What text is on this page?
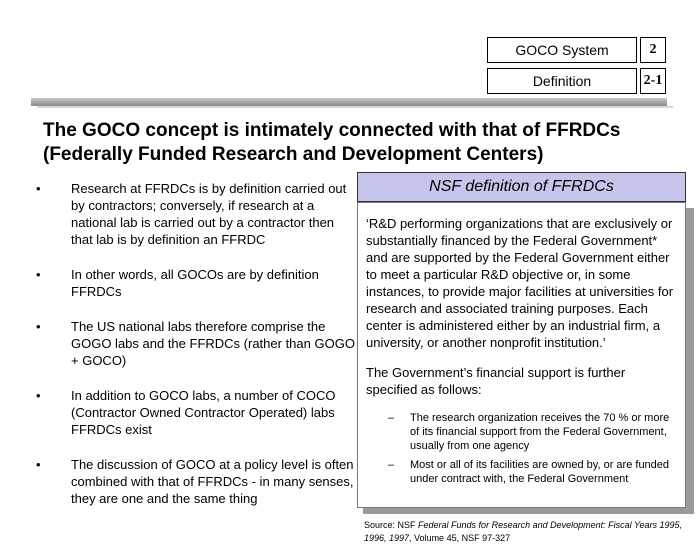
GOCO System	2
Definition	2-1
The GOCO concept is intimately connected with that of FFRDCs (Federally Funded Research and Development Centers)
• Research at FFRDCs is by definition carried out by contractors; conversely, if research at a national lab is carried out by a contractor then that lab is by definition an FFRDC
• In other words, all GOCOs are by definition FFRDCs
• The US national labs therefore comprise the GOGO labs and the FFRDCs (rather than GOGO + GOCO)
• In addition to GOCO labs, a number of COCO (Contractor Owned Contractor Operated) labs FFRDCs exist
• The discussion of GOCO at a policy level is often combined with that of FFRDCs - in many senses, they are one and the same thing
NSF definition of FFRDCs

‘R&D performing organizations that are exclusively or substantially financed by the Federal Government* and are supported by the Federal Government either to meet a particular R&D objective or, in some instances, to provide major facilities at universities for research and associated training purposes. Each center is administered either by an industrial firm, a university, or another nonprofit institution.’

The Government’s financial support is further specified as follows:

– The research organization receives the 70 % or more of its financial support from the Federal Government, usually from one agency
– Most or all of its facilities are owned by, or are funded under contract with, the Federal Government
Source: NSF Federal Funds for Research and Development: Fiscal Years 1995, 1996, 1997, Volume 45, NSF 97-327
